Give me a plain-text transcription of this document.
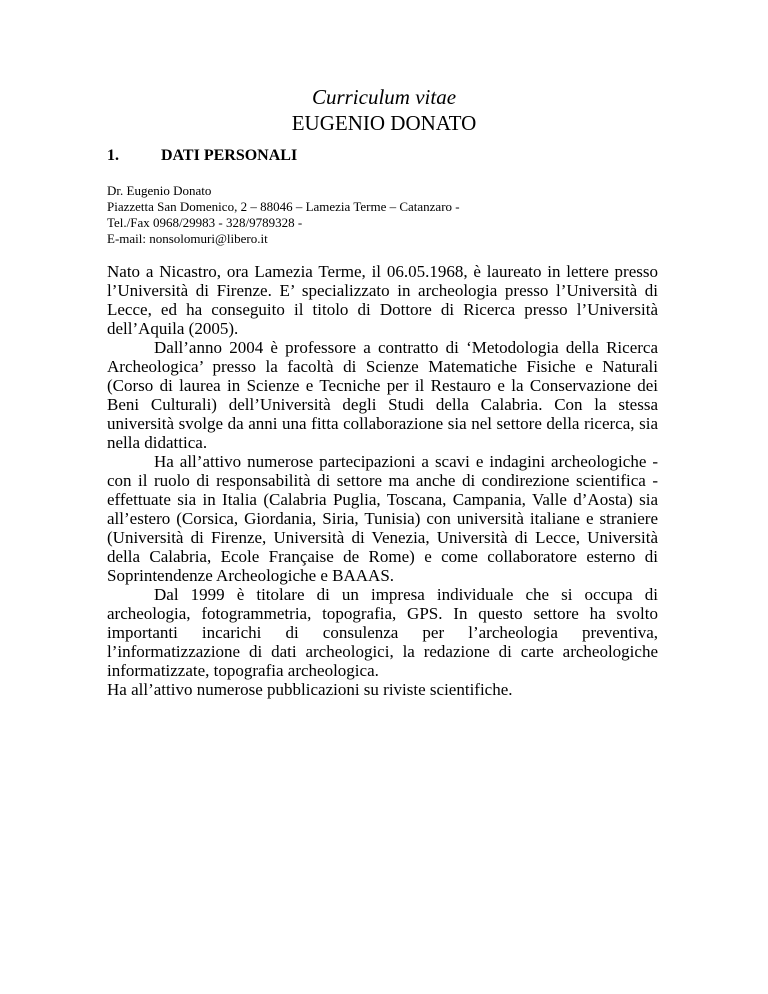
Curriculum vitae
EUGENIO DONATO
1.	DATI PERSONALI
Dr. Eugenio Donato
Piazzetta San Domenico, 2 – 88046 – Lamezia Terme – Catanzaro -
Tel./Fax 0968/29983 - 328/9789328 -
E-mail: nonsolomuri@libero.it

Nato a Nicastro, ora Lamezia Terme, il 06.05.1968, è laureato in lettere presso l’Università di Firenze. E’ specializzato in archeologia presso l’Università di Lecce, ed ha conseguito il titolo di Dottore di Ricerca presso l’Università dell’Aquila (2005).

Dall’anno 2004 è professore a contratto di ‘Metodologia della Ricerca Archeologica’ presso la facoltà di Scienze Matematiche Fisiche e Naturali (Corso di laurea in Scienze e Tecniche per il Restauro e la Conservazione dei Beni Culturali) dell’Università degli Studi della Calabria. Con la stessa università svolge da anni una fitta collaborazione sia nel settore della ricerca, sia nella didattica.

Ha all’attivo numerose partecipazioni a scavi e indagini archeologiche - con il ruolo di responsabilità di settore ma anche di condirezione scientifica - effettuate sia in Italia (Calabria Puglia, Toscana, Campania, Valle d’Aosta) sia all’estero (Corsica, Giordania, Siria, Tunisia) con università italiane e straniere (Università di Firenze, Università di Venezia, Università di Lecce, Università della Calabria, Ecole Française de Rome) e come collaboratore esterno di Soprintendenze Archeologiche e BAAAS.

Dal 1999 è titolare di un impresa individuale che si occupa di archeologia, fotogrammetria, topografia, GPS. In questo settore ha svolto importanti incarichi di consulenza per l’archeologia preventiva, l’informatizzazione di dati archeologici, la redazione di carte archeologiche informatizzate, topografia archeologica.

Ha all’attivo numerose pubblicazioni su riviste scientifiche.
